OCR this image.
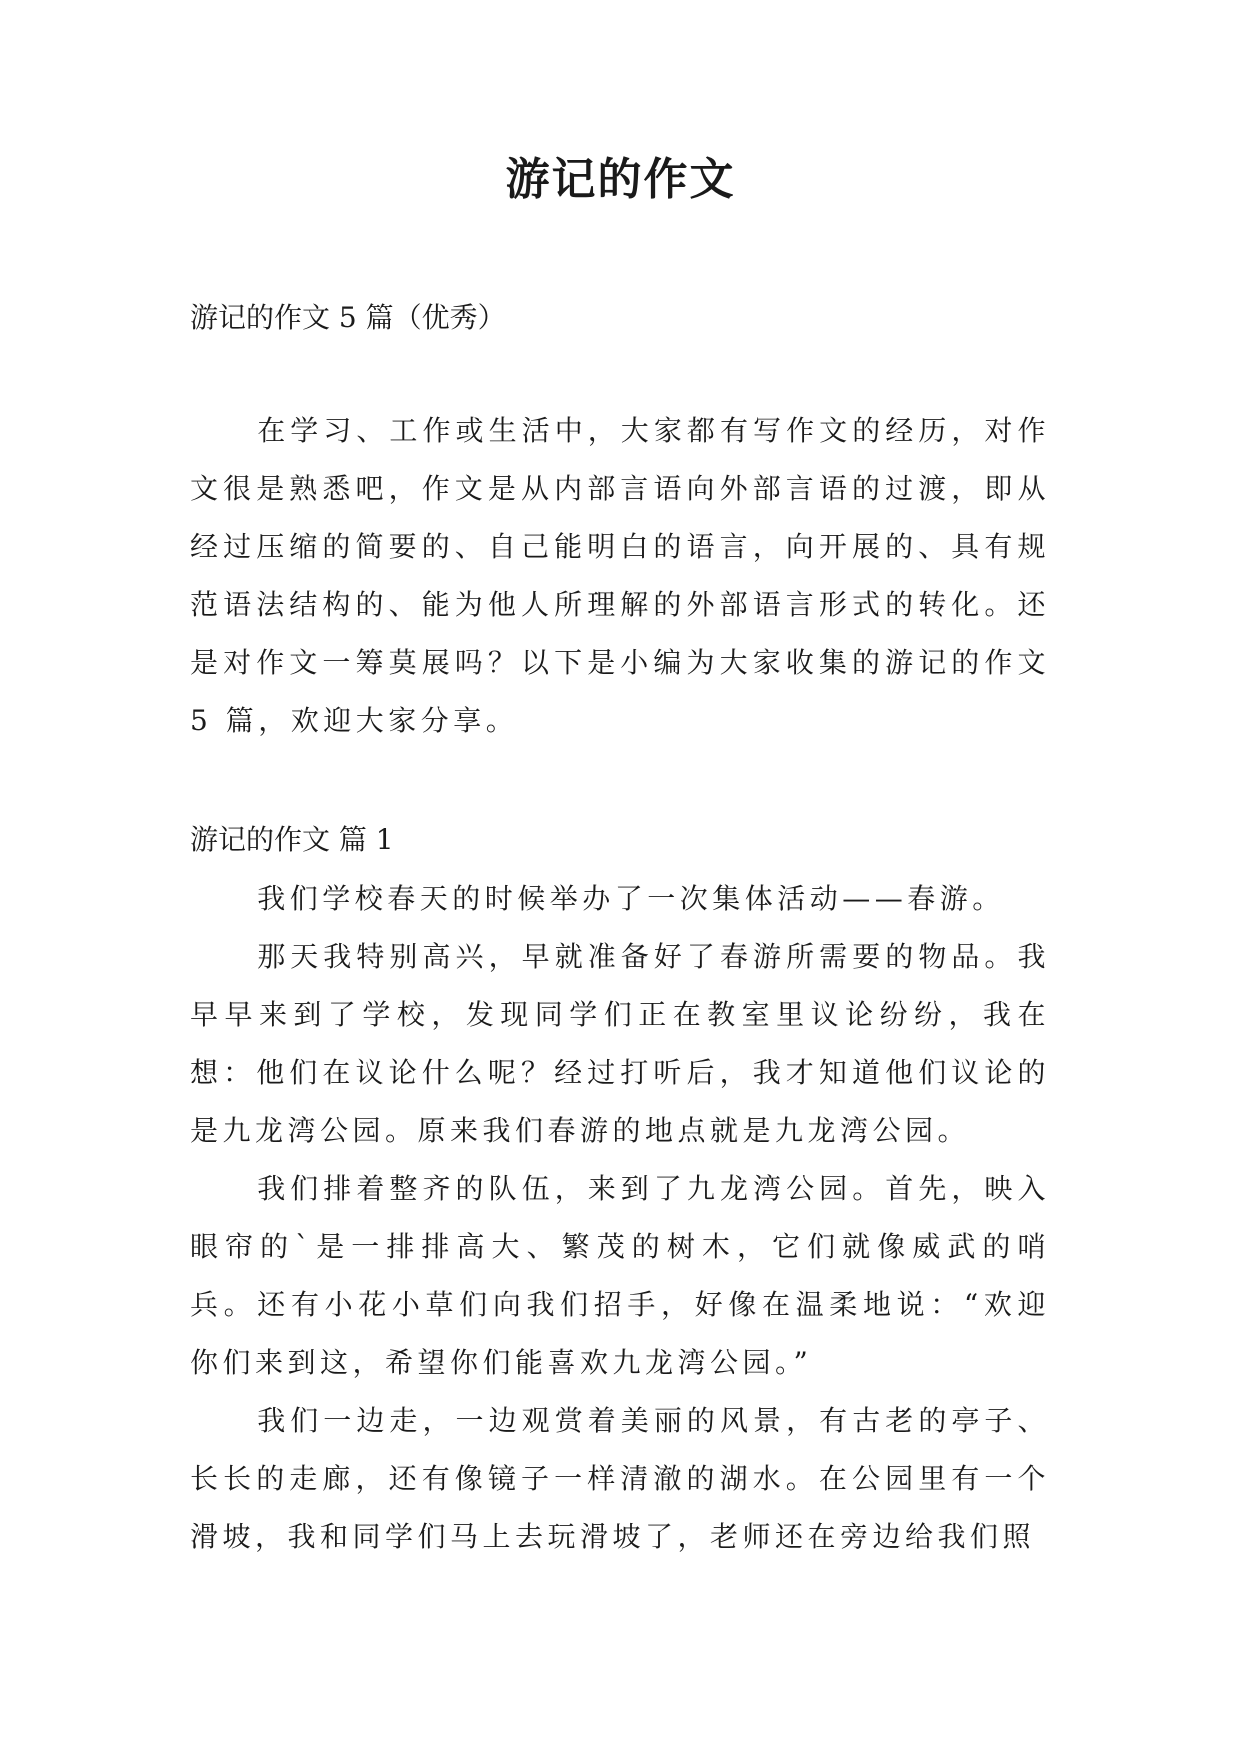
游记的作文
游记的作文 5 篇（优秀）

在学习、工作或生活中，大家都有写作文的经历，对作文很是熟悉吧，作文是从内部言语向外部言语的过渡，即从经过压缩的简要的、自己能明白的语言，向开展的、具有规范语法结构的、能为他人所理解的外部语言形式的转化。还是对作文一筹莫展吗？以下是小编为大家收集的游记的作文 5 篇，欢迎大家分享。

游记的作文 篇 1

我们学校春天的时候举办了一次集体活动——春游。

那天我特别高兴，早就准备好了春游所需要的物品。我早早来到了学校，发现同学们正在教室里议论纷纷，我在想：他们在议论什么呢？经过打听后，我才知道他们议论的是九龙湾公园。原来我们春游的地点就是九龙湾公园。

我们排着整齐的队伍，来到了九龙湾公园。首先，映入眼帘的`是一排排高大、繁茂的树木，它们就像威武的哨兵。还有小花小草们向我们招手，好像在温柔地说：“欢迎你们来到这，希望你们能喜欢九龙湾公园。”

我们一边走，一边观赏着美丽的风景，有古老的亭子、长长的走廊，还有像镜子一样清澈的湖水。在公园里有一个滑坡，我和同学们马上去玩滑坡了，老师还在旁边给我们照
